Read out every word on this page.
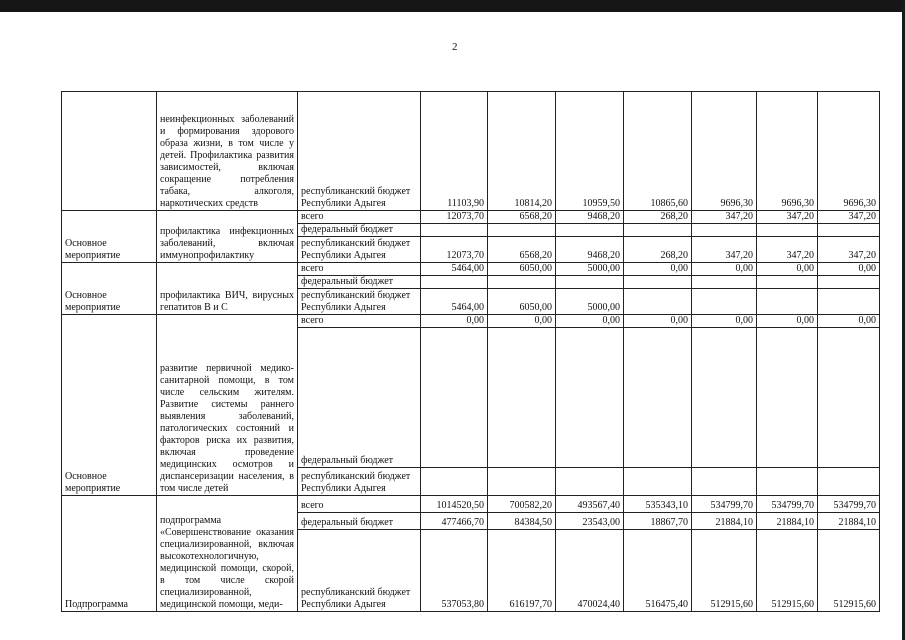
2
	неинфекционных заболеваний и формирования здорового образа жизни, в том числе у детей. Профилактика развития зависимостей, включая сокращение потребления табака, алкоголя, наркотических средств	республиканский бюджет Республики Адыгея	11103,90	10814,20	10959,50	10865,60	9696,30	9696,30	9696,30
Основное мероприятие	профилактика инфекционных заболеваний, включая иммунопрофилактику	всего	12073,70	6568,20	9468,20	268,20	347,20	347,20	347,20
		федеральный бюджет							
		республиканский бюджет Республики Адыгея	12073,70	6568,20	9468,20	268,20	347,20	347,20	347,20
Основное мероприятие	профилактика ВИЧ, вирусных гепатитов В и С	всего	5464,00	6050,00	5000,00	0,00	0,00	0,00	0,00
		федеральный бюджет							
		республиканский бюджет Республики Адыгея	5464,00	6050,00	5000,00				
Основное мероприятие	развитие первичной медико-санитарной помощи, в том числе сельским жителям. Развитие системы раннего выявления заболеваний, патологических состояний и факторов риска их развития, включая проведение медицинских осмотров и диспансеризации населения, в том числе детей	всего	0,00	0,00	0,00	0,00	0,00	0,00	0,00
		федеральный бюджет							
		республиканский бюджет Республики Адыгея							
Подпрограмма	подпрограмма «Совершенствование оказания специализированной, включая высокотехнологичную, медицинской помощи, скорой, в том числе скорой специализированной, медицинской помощи, меди-	всего	1014520,50	700582,20	493567,40	535343,10	534799,70	534799,70	534799,70
		федеральный бюджет	477466,70	84384,50	23543,00	18867,70	21884,10	21884,10	21884,10
		республиканский бюджет Республики Адыгея	537053,80	616197,70	470024,40	516475,40	512915,60	512915,60	512915,60
